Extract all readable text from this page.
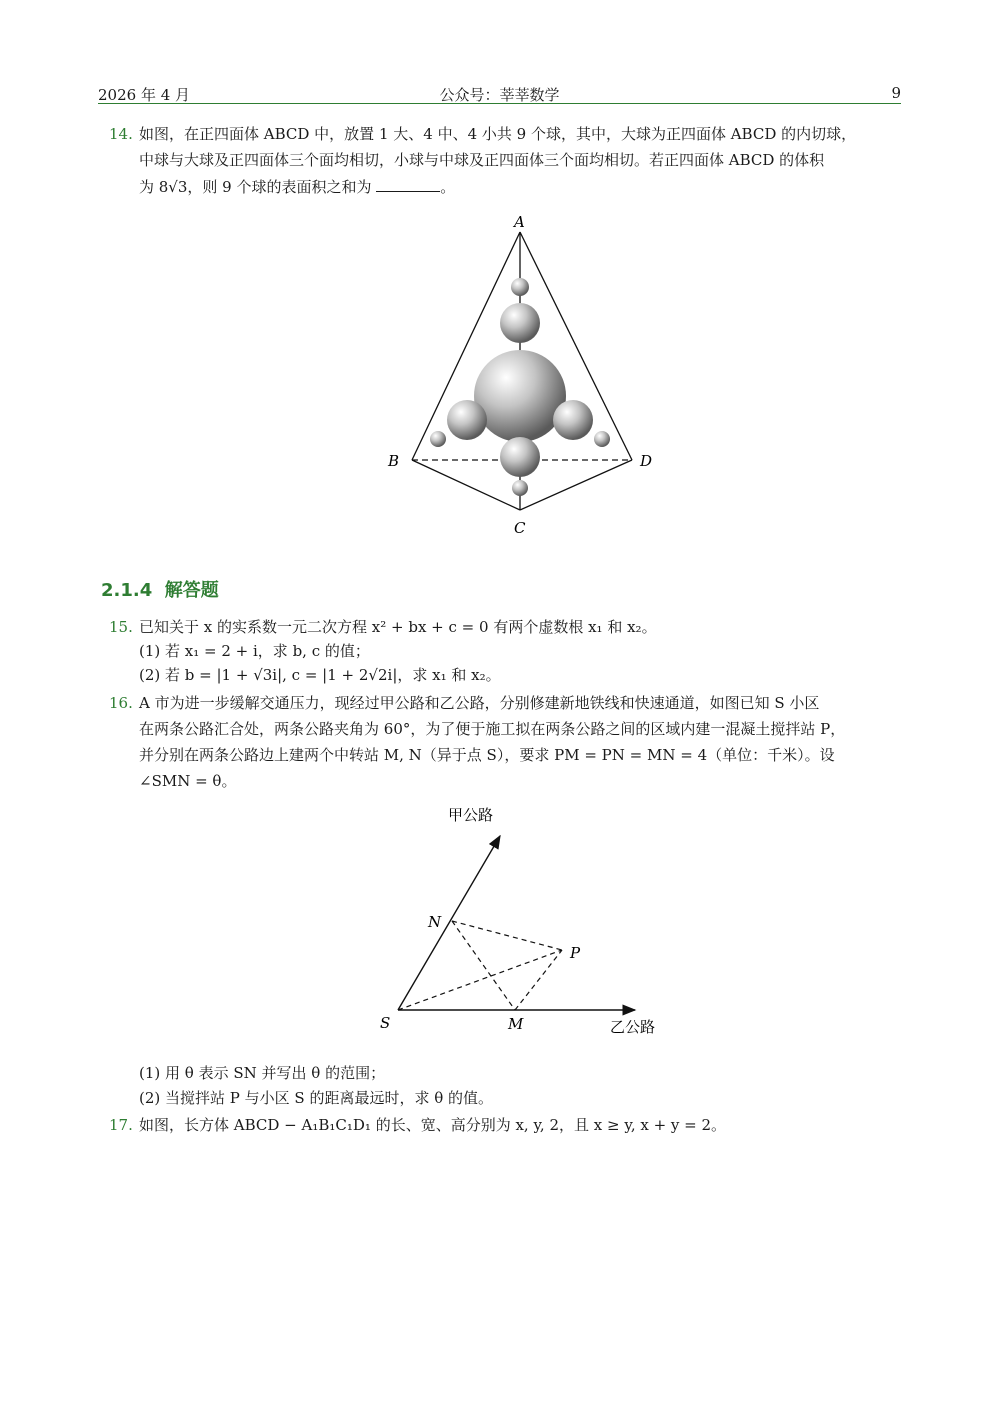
2026 年 4 月	公众号：莘莘数学	9
14. 如图，在正四面体 ABCD 中，放置 1 大、4 中、4 小共 9 个球，其中，大球为正四面体 ABCD 的内切球，
中球与大球及正四面体三个面均相切，小球与中球及正四面体三个面均相切。若正四面体 ABCD 的体积
为 8√3，则 9 个球的表面积之和为	。
A
B
C
D
2.1.4 解答题
15. 已知关于 x 的实系数一元二次方程 x² + bx + c = 0 有两个虚数根 x₁ 和 x₂。
(1) 若 x₁ = 2 + i，求 b, c 的值；
(2) 若 b = |1 + √3i|, c = |1 + 2√2i|，求 x₁ 和 x₂。
16. A 市为进一步缓解交通压力，现经过甲公路和乙公路，分别修建新地铁线和快速通道，如图已知 S 小区
在两条公路汇合处，两条公路夹角为 60°，为了便于施工拟在两条公路之间的区域内建一混凝土搅拌站 P，
并分别在两条公路边上建两个中转站 M, N（异于点 S），要求 PM = PN = MN = 4（单位：千米）。设
∠SMN = θ。
甲公路
乙公路
S	M
N
P
(1) 用 θ 表示 SN 并写出 θ 的范围；
(2) 当搅拌站 P 与小区 S 的距离最远时，求 θ 的值。
17. 如图，长方体 ABCD − A₁B₁C₁D₁ 的长、宽、高分别为 x, y, 2，且 x ≥ y, x + y = 2。
